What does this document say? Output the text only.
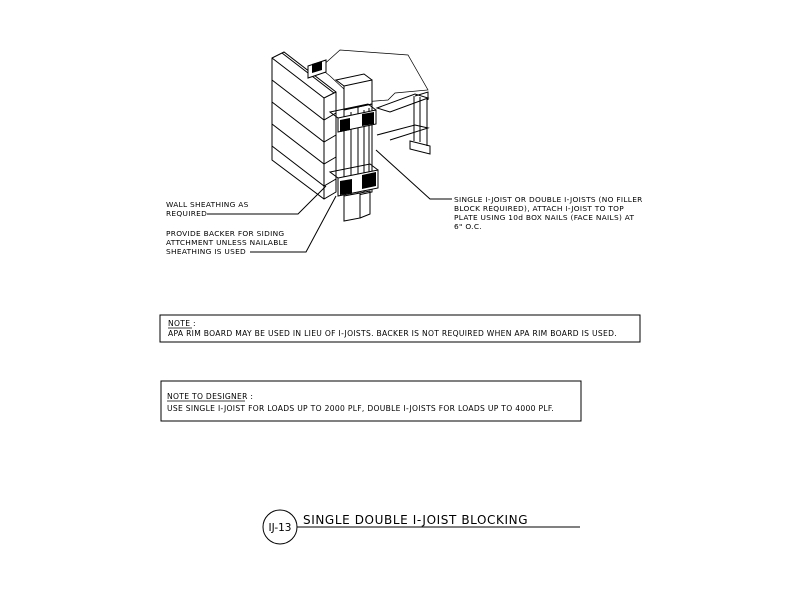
WALL SHEATHING AS
REQUIRED
PROVIDE BACKER FOR SIDING
ATTCHMENT UNLESS NAILABLE
SHEATHING IS USED
SINGLE I-JOIST OR DOUBLE I-JOISTS (NO FILLER
BLOCK REQUIRED), ATTACH I-JOIST TO TOP
PLATE USING 10d BOX NAILS (FACE NAILS) AT
6" O.C.
NOTE :
APA RIM BOARD MAY BE USED IN LIEU OF I-JOISTS. BACKER IS NOT REQUIRED WHEN APA RIM BOARD IS USED.
NOTE TO DESIGNER :
USE SINGLE I-JOIST FOR LOADS UP TO 2000 PLF, DOUBLE I-JOISTS FOR LOADS UP TO 4000 PLF.
IJ-13
SINGLE DOUBLE I-JOIST BLOCKING
